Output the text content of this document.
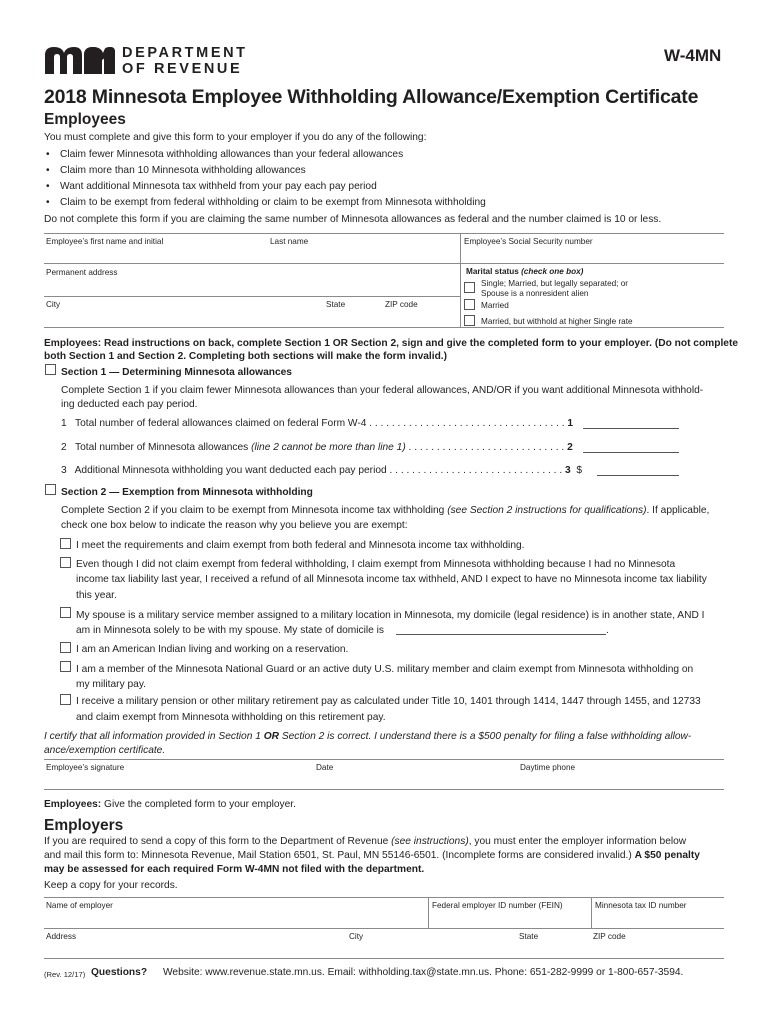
DEPARTMENT
OF REVENUE
W-4MN
2018 Minnesota Employee Withholding Allowance/Exemption Certificate
Employees
You must complete and give this form to your employer if you do any of the following:
• Claim fewer Minnesota withholding allowances than your federal allowances
• Claim more than 10 Minnesota withholding allowances
• Want additional Minnesota tax withheld from your pay each pay period
• Claim to be exempt from federal withholding or claim to be exempt from Minnesota withholding
Do not complete this form if you are claiming the same number of Minnesota allowances as federal and the number claimed is 10 or less.
Employee’s first name and initial	Last name	Employee’s Social Security number
Permanent address
City	State	ZIP code
Marital status (check one box)
Single; Married, but legally separated; or
Spouse is a nonresident alien
Married
Married, but withhold at higher Single rate
Employees: Read instructions on back, complete Section 1 OR Section 2, sign and give the completed form to your employer. (Do not complete
both Section 1 and Section 2. Completing both sections will make the form invalid.)
Section 1 — Determining Minnesota allowances
Complete Section 1 if you claim fewer Minnesota allowances than your federal allowances, AND/OR if you want additional Minnesota withhold-
ing deducted each pay period.
1 Total number of federal allowances claimed on federal Form W-4 . . . . . . . . . . . . . . . . . . . . . . . . . . . . . . . . . . . 1
2 Total number of Minnesota allowances (line 2 cannot be more than line 1) . . . . . . . . . . . . . . . . . . . . . . . . . . . . 2
3 Additional Minnesota withholding you want deducted each pay period . . . . . . . . . . . . . . . . . . . . . . . . . . . . . . . 3 $
Section 2 — Exemption from Minnesota withholding
Complete Section 2 if you claim to be exempt from Minnesota income tax withholding (see Section 2 instructions for qualifications). If applicable,
check one box below to indicate the reason why you believe you are exempt:
I meet the requirements and claim exempt from both federal and Minnesota income tax withholding.
Even though I did not claim exempt from federal withholding, I claim exempt from Minnesota withholding because I had no Minnesota
income tax liability last year, I received a refund of all Minnesota income tax withheld, AND I expect to have no Minnesota income tax liability
this year.
My spouse is a military service member assigned to a military location in Minnesota, my domicile (legal residence) is in another state, AND I
am in Minnesota solely to be with my spouse. My state of domicile is	.
I am an American Indian living and working on a reservation.
I am a member of the Minnesota National Guard or an active duty U.S. military member and claim exempt from Minnesota withholding on
my military pay.
I receive a military pension or other military retirement pay as calculated under Title 10, 1401 through 1414, 1447 through 1455, and 12733
and claim exempt from Minnesota withholding on this retirement pay.
I certify that all information provided in Section 1 OR Section 2 is correct. I understand there is a $500 penalty for filing a false withholding allow-
ance/exemption certificate.
Employee’s signature	Date	Daytime phone
Employees: Give the completed form to your employer.
Employers
If you are required to send a copy of this form to the Department of Revenue (see instructions), you must enter the employer information below
and mail this form to: Minnesota Revenue, Mail Station 6501, St. Paul, MN 55146-6501. (Incomplete forms are considered invalid.) A $50 penalty
may be assessed for each required Form W-4MN not filed with the department.
Keep a copy for your records.
Name of employer	Federal employer ID number (FEIN)	Minnesota tax ID number
Address	City	State	ZIP code
(Rev. 12/17) Questions? Website: www.revenue.state.mn.us. Email: withholding.tax@state.mn.us. Phone: 651-282-9999 or 1-800-657-3594.
